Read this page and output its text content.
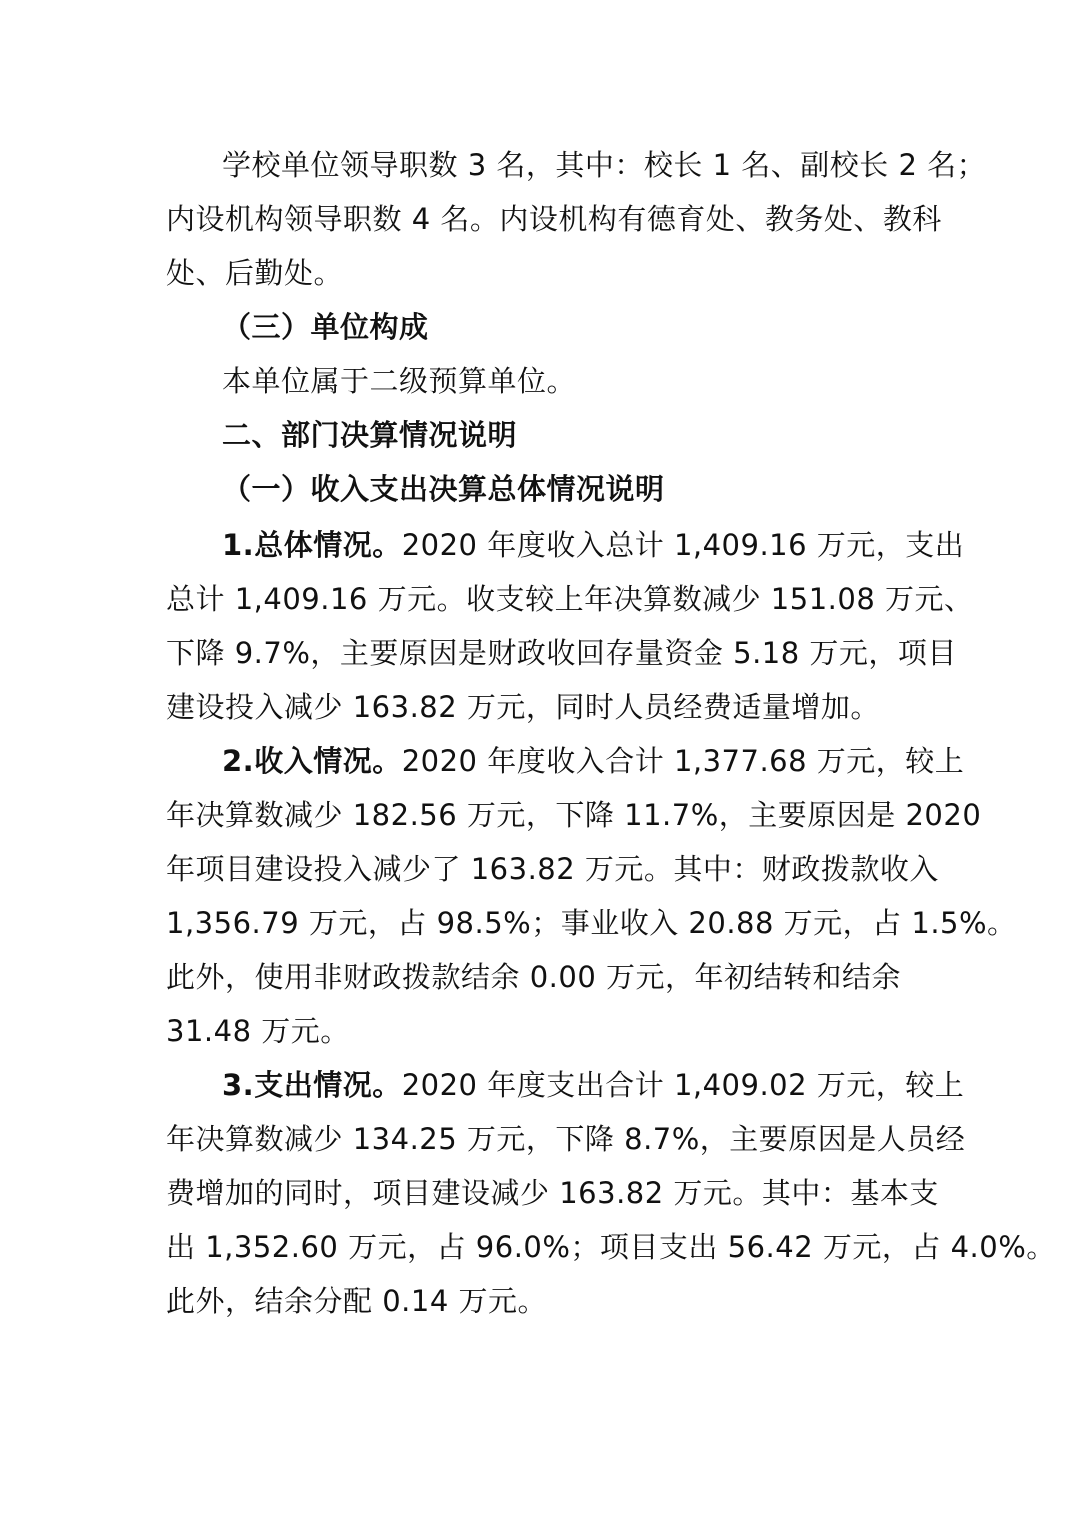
学校单位领导职数 3 名，其中：校长 1 名、副校长 2 名；
内设机构领导职数 4 名。内设机构有德育处、教务处、教科
处、后勤处。
（三）单位构成
本单位属于二级预算单位。
二、部门决算情况说明
（一）收入支出决算总体情况说明
1.总体情况。2020 年度收入总计 1,409.16 万元，支出
总计 1,409.16 万元。收支较上年决算数减少 151.08 万元、
下降 9.7%，主要原因是财政收回存量资金 5.18 万元，项目
建设投入减少 163.82 万元，同时人员经费适量增加。
2.收入情况。2020 年度收入合计 1,377.68 万元，较上
年决算数减少 182.56 万元，下降 11.7%，主要原因是 2020
年项目建设投入减少了 163.82 万元。其中：财政拨款收入
1,356.79 万元，占 98.5%；事业收入 20.88 万元，占 1.5%。
此外，使用非财政拨款结余 0.00 万元，年初结转和结余
31.48 万元。
3.支出情况。2020 年度支出合计 1,409.02 万元，较上
年决算数减少 134.25 万元，下降 8.7%，主要原因是人员经
费增加的同时，项目建设减少 163.82 万元。其中：基本支
出 1,352.60 万元，占 96.0%；项目支出 56.42 万元，占 4.0%。
此外，结余分配 0.14 万元。
